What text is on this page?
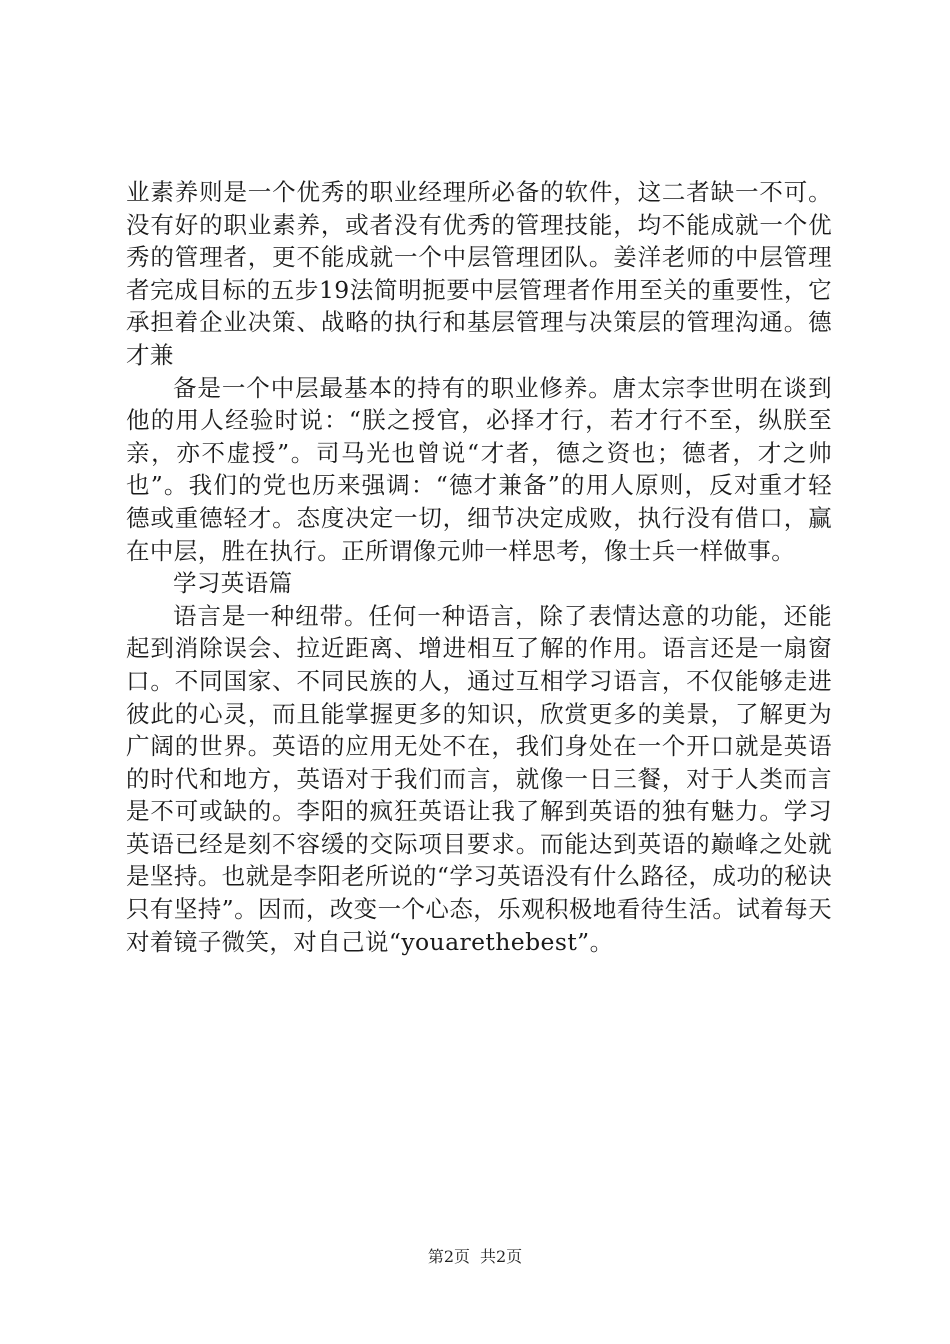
业素养则是一个优秀的职业经理所必备的软件，这二者缺一不可。没有好的职业素养，或者没有优秀的管理技能，均不能成就一个优秀的管理者，更不能成就一个中层管理团队。姜洋老师的中层管理者完成目标的五步19法简明扼要中层管理者作用至关的重要性，它承担着企业决策、战略的执行和基层管理与决策层的管理沟通。德才兼

备是一个中层最基本的持有的职业修养。唐太宗李世明在谈到他的用人经验时说：“朕之授官，必择才行，若才行不至，纵朕至亲，亦不虚授”。司马光也曾说“才者，德之资也；德者，才之帅也”。我们的党也历来强调：“德才兼备”的用人原则，反对重才轻德或重德轻才。态度决定一切，细节决定成败，执行没有借口，赢在中层，胜在执行。正所谓像元帅一样思考，像士兵一样做事。

学习英语篇

语言是一种纽带。任何一种语言，除了表情达意的功能，还能起到消除误会、拉近距离、增进相互了解的作用。语言还是一扇窗口。不同国家、不同民族的人，通过互相学习语言，不仅能够走进彼此的心灵，而且能掌握更多的知识，欣赏更多的美景，了解更为广阔的世界。英语的应用无处不在，我们身处在一个开口就是英语的时代和地方，英语对于我们而言，就像一日三餐，对于人类而言是不可或缺的。李阳的疯狂英语让我了解到英语的独有魅力。学习英语已经是刻不容缓的交际项目要求。而能达到英语的巅峰之处就是坚持。也就是李阳老所说的“学习英语没有什么路径，成功的秘诀只有坚持”。因而，改变一个心态，乐观积极地看待生活。试着每天对着镜子微笑，对自己说“youarethebest”。

第2页 共2页
